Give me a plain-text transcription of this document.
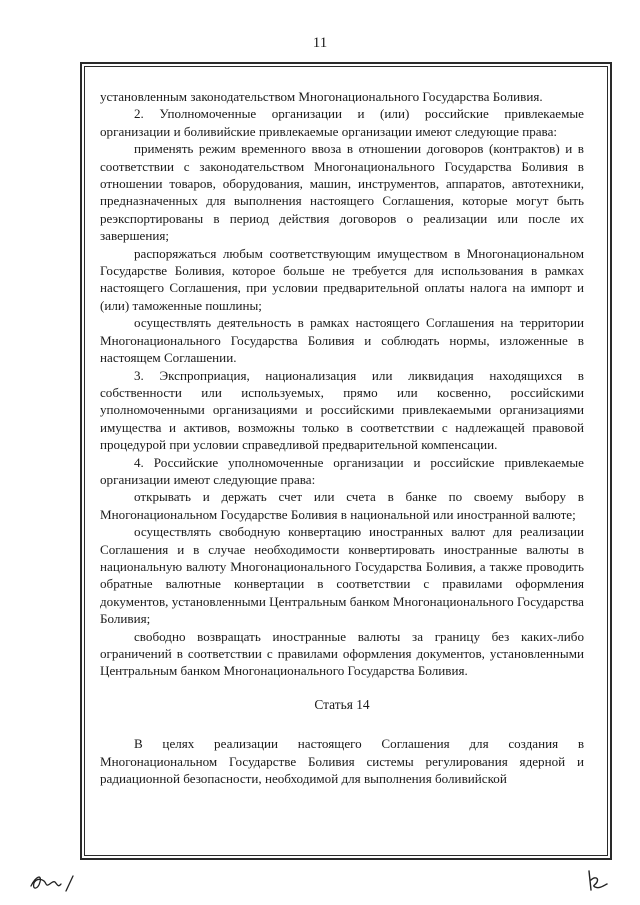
11

установленным законодательством Многонационального Государства Боливия.

2. Уполномоченные организации и (или) российские привлекаемые организации и боливийские привлекаемые организации имеют следующие права:

применять режим временного ввоза в отношении договоров (контрактов) и в соответствии с законодательством Многонационального Государства Боливия в отношении товаров, оборудования, машин, инструментов, аппаратов, автотехники, предназначенных для выполнения настоящего Соглашения, которые могут быть реэкспортированы в период действия договоров о реализации или после их завершения;

распоряжаться любым соответствующим имуществом в Многонациональном Государстве Боливия, которое больше не требуется для использования в рамках настоящего Соглашения, при условии предварительной оплаты налога на импорт и (или) таможенные пошлины;

осуществлять деятельность в рамках настоящего Соглашения на территории Многонационального Государства Боливия и соблюдать нормы, изложенные в настоящем Соглашении.

3. Экспроприация, национализация или ликвидация находящихся в собственности или используемых, прямо или косвенно, российскими уполномоченными организациями и российскими привлекаемыми организациями имущества и активов, возможны только в соответствии с надлежащей правовой процедурой при условии справедливой предварительной компенсации.

4. Российские уполномоченные организации и российские привлекаемые организации имеют следующие права:

открывать и держать счет или счета в банке по своему выбору в Многонациональном Государстве Боливия в национальной или иностранной валюте;

осуществлять свободную конвертацию иностранных валют для реализации Соглашения и в случае необходимости конвертировать иностранные валюты в национальную валюту Многонационального Государства Боливия, а также проводить обратные валютные конвертации в соответствии с правилами оформления документов, установленными Центральным банком Многонационального Государства Боливия;

свободно возвращать иностранные валюты за границу без каких-либо ограничений в соответствии с правилами оформления документов, установленными Центральным банком Многонационального Государства Боливия.

Статья 14

В целях реализации настоящего Соглашения для создания в Многонациональном Государстве Боливия системы регулирования ядерной и радиационной безопасности, необходимой для выполнения боливийской
